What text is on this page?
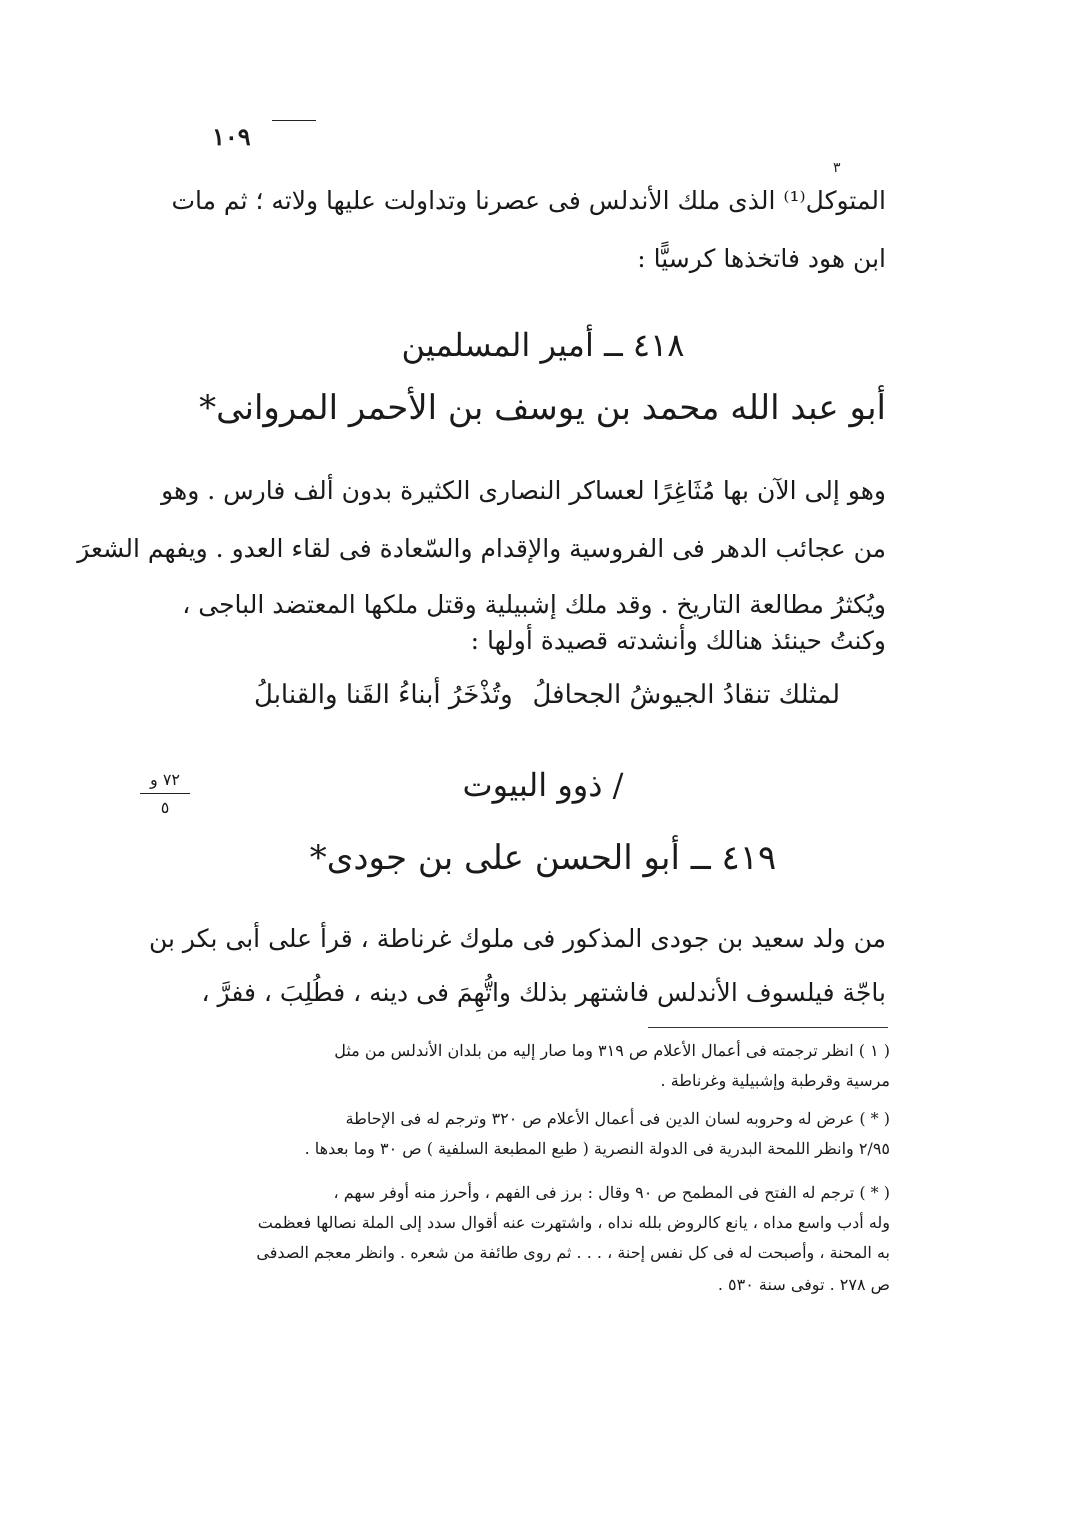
١٠٩
٣
المتوكل⁽¹⁾ الذى ملك الأندلس فى عصرنا وتداولت عليها ولاته ؛ ثم مات
ابن هود فاتخذها كرسيًّا :
٤١٨ ــ أمير المسلمين
أبو عبد الله محمد بن يوسف بن الأحمر المروانى*
وهو إلى الآن بها مُثَاغِرًا لعساكر النصارى الكثيرة بدون ألف فارس . وهو
من عجائب الدهر فى الفروسية والإقدام والسّعادة فى لقاء العدو . ويفهم الشعرَ
ويُكثرُ مطالعة التاريخ . وقد ملك إشبيلية وقتل ملكها المعتضد الباجى ،
وكنتُ حينئذ هنالك وأنشدته قصيدة أولها :
لمثلك تنقادُ الجيوشُ الجحافلُ
وتُذْخَرُ أبناءُ القَنا والقنابلُ
٧٢ و
٥
/ ذوو البيوت
٤١٩ ــ أبو الحسن على بن جودى*
من ولد سعيد بن جودى المذكور فى ملوك غرناطة ، قرأ على أبى بكر بن
باجّة فيلسوف الأندلس فاشتهر بذلك واتُّهِمَ فى دينه ، فطُلِبَ ، ففرَّ ،
( ١ ) انظر ترجمته فى أعمال الأعلام ص ٣١٩ وما صار إليه من بلدان الأندلس من مثل
مرسية وقرطبة وإشبيلية وغرناطة .
( * ) عرض له وحروبه لسان الدين فى أعمال الأعلام ص ٣٢٠ وترجم له فى الإحاطة
٢/٩٥ وانظر اللمحة البدرية فى الدولة النصرية ( طبع المطبعة السلفية ) ص ٣٠ وما بعدها .
( * ) ترجم له الفتح فى المطمح ص ٩٠ وقال : برز فى الفهم ، وأحرز منه أوفر سهم ،
وله أدب واسع مداه ، يانع كالروض بلله نداه ، واشتهرت عنه أقوال سدد إلى الملة نصالها فعظمت
به المحنة ، وأصبحت له فى كل نفس إحنة ، . . . ثم روى طائفة من شعره . وانظر معجم الصدفى
ص ٢٧٨ . توفى سنة ٥٣٠ .
